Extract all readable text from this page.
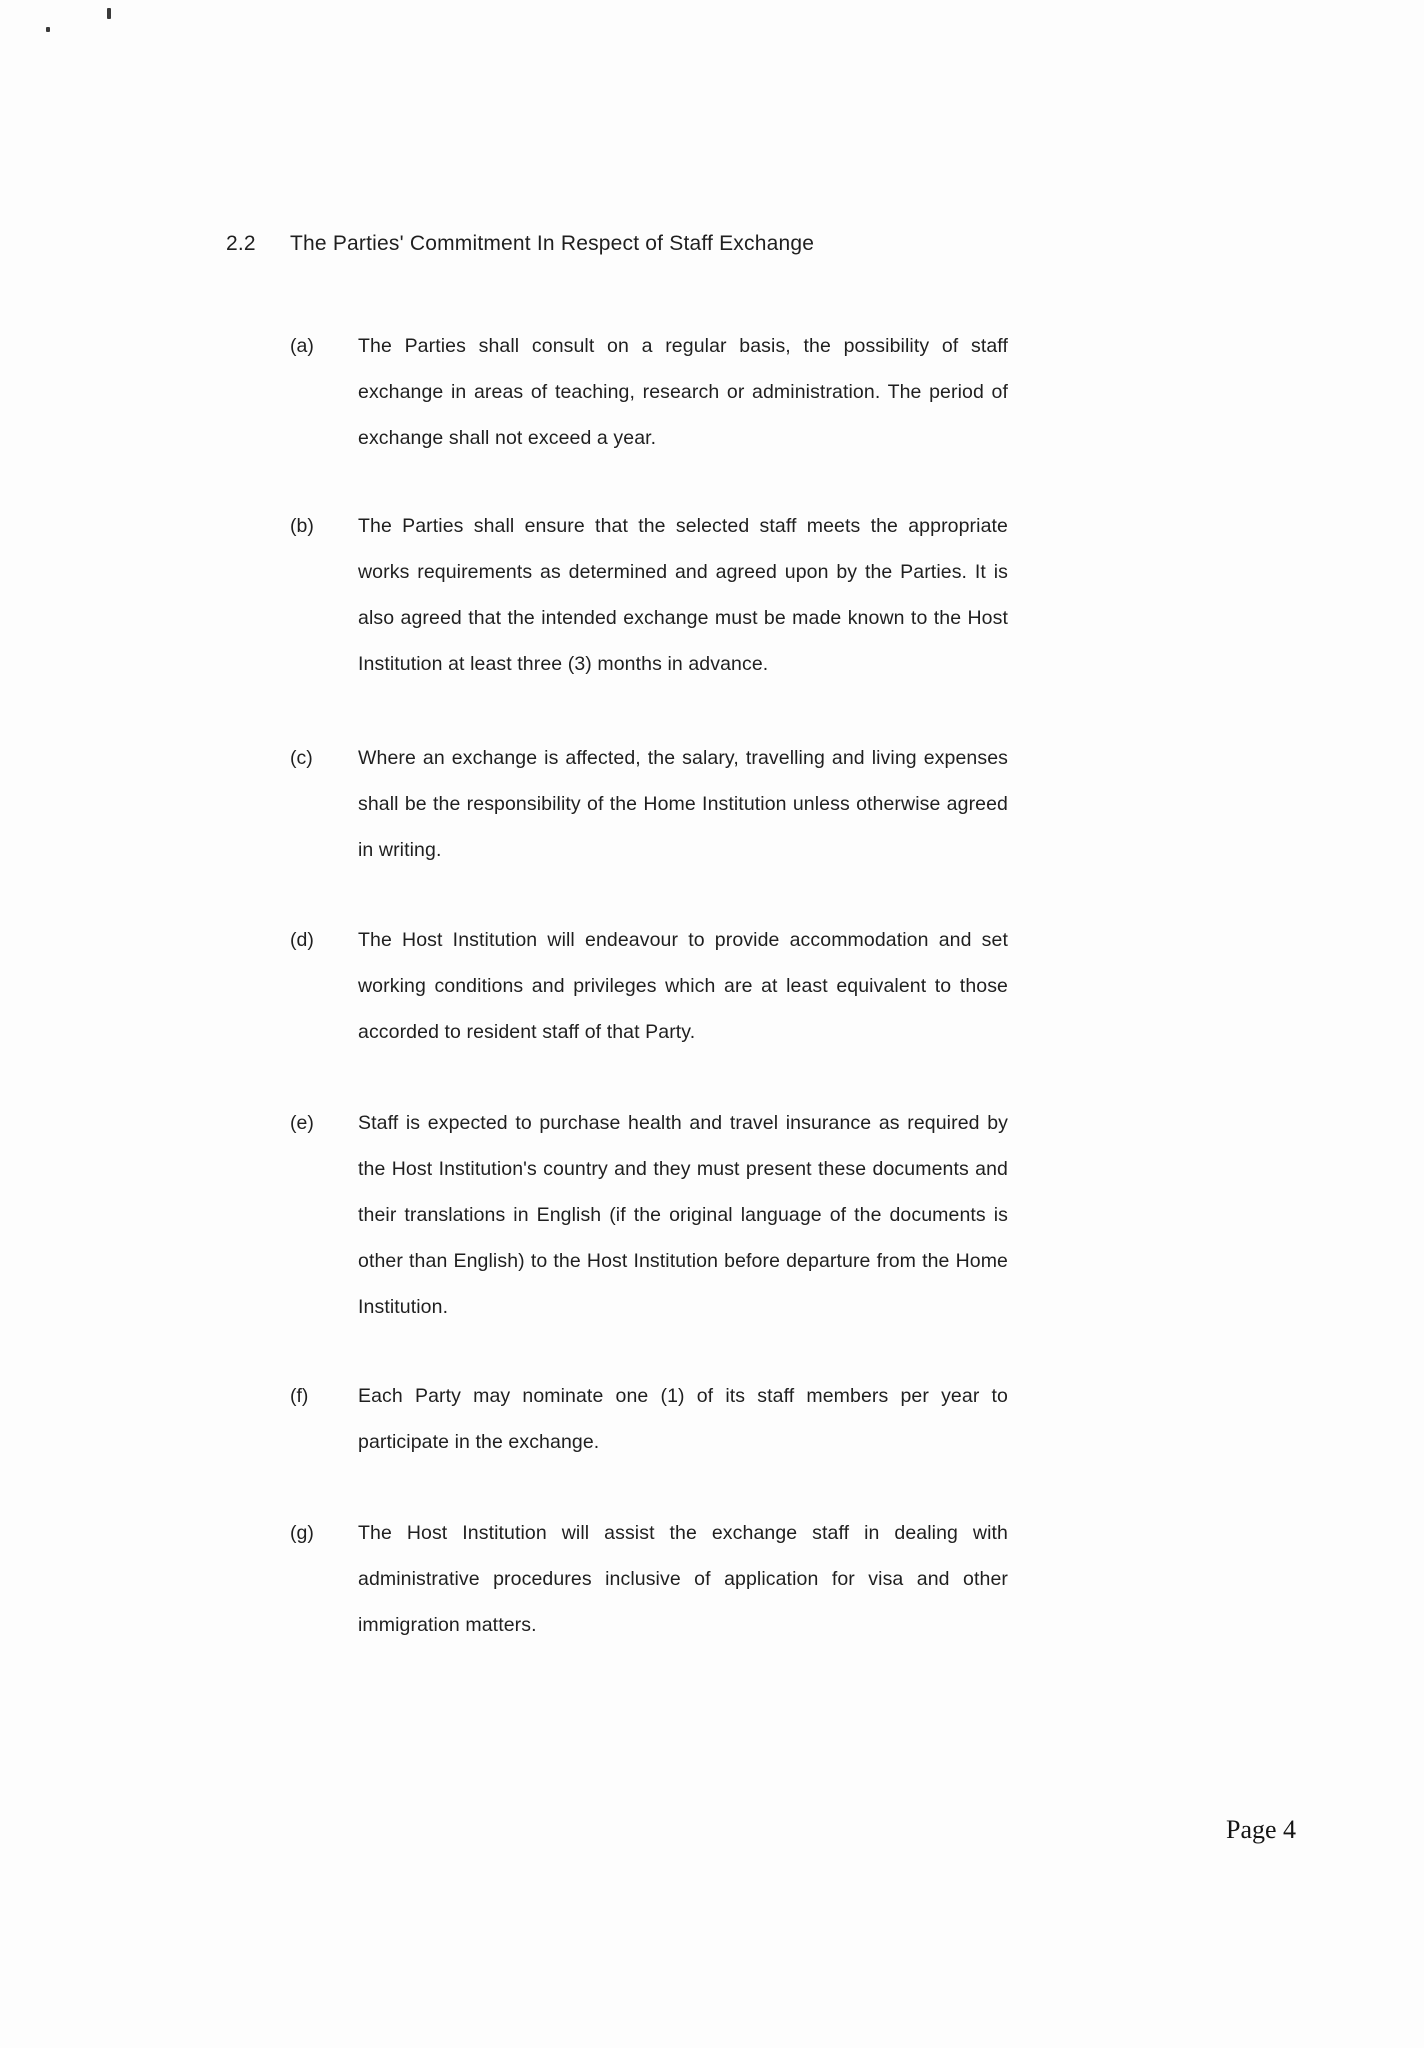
2.2	The Parties' Commitment In Respect of Staff Exchange
(a)	The Parties shall consult on a regular basis, the possibility of staff exchange in areas of teaching, research or administration. The period of exchange shall not exceed a year.
(b)	The Parties shall ensure that the selected staff meets the appropriate works requirements as determined and agreed upon by the Parties. It is also agreed that the intended exchange must be made known to the Host Institution at least three (3) months in advance.
(c)	Where an exchange is affected, the salary, travelling and living expenses shall be the responsibility of the Home Institution unless otherwise agreed in writing.
(d)	The Host Institution will endeavour to provide accommodation and set working conditions and privileges which are at least equivalent to those accorded to resident staff of that Party.
(e)	Staff is expected to purchase health and travel insurance as required by the Host Institution's country and they must present these documents and their translations in English (if the original language of the documents is other than English) to the Host Institution before departure from the Home Institution.
(f)	Each Party may nominate one (1) of its staff members per year to participate in the exchange.
(g)	The Host Institution will assist the exchange staff in dealing with administrative procedures inclusive of application for visa and other immigration matters.
Page 4
